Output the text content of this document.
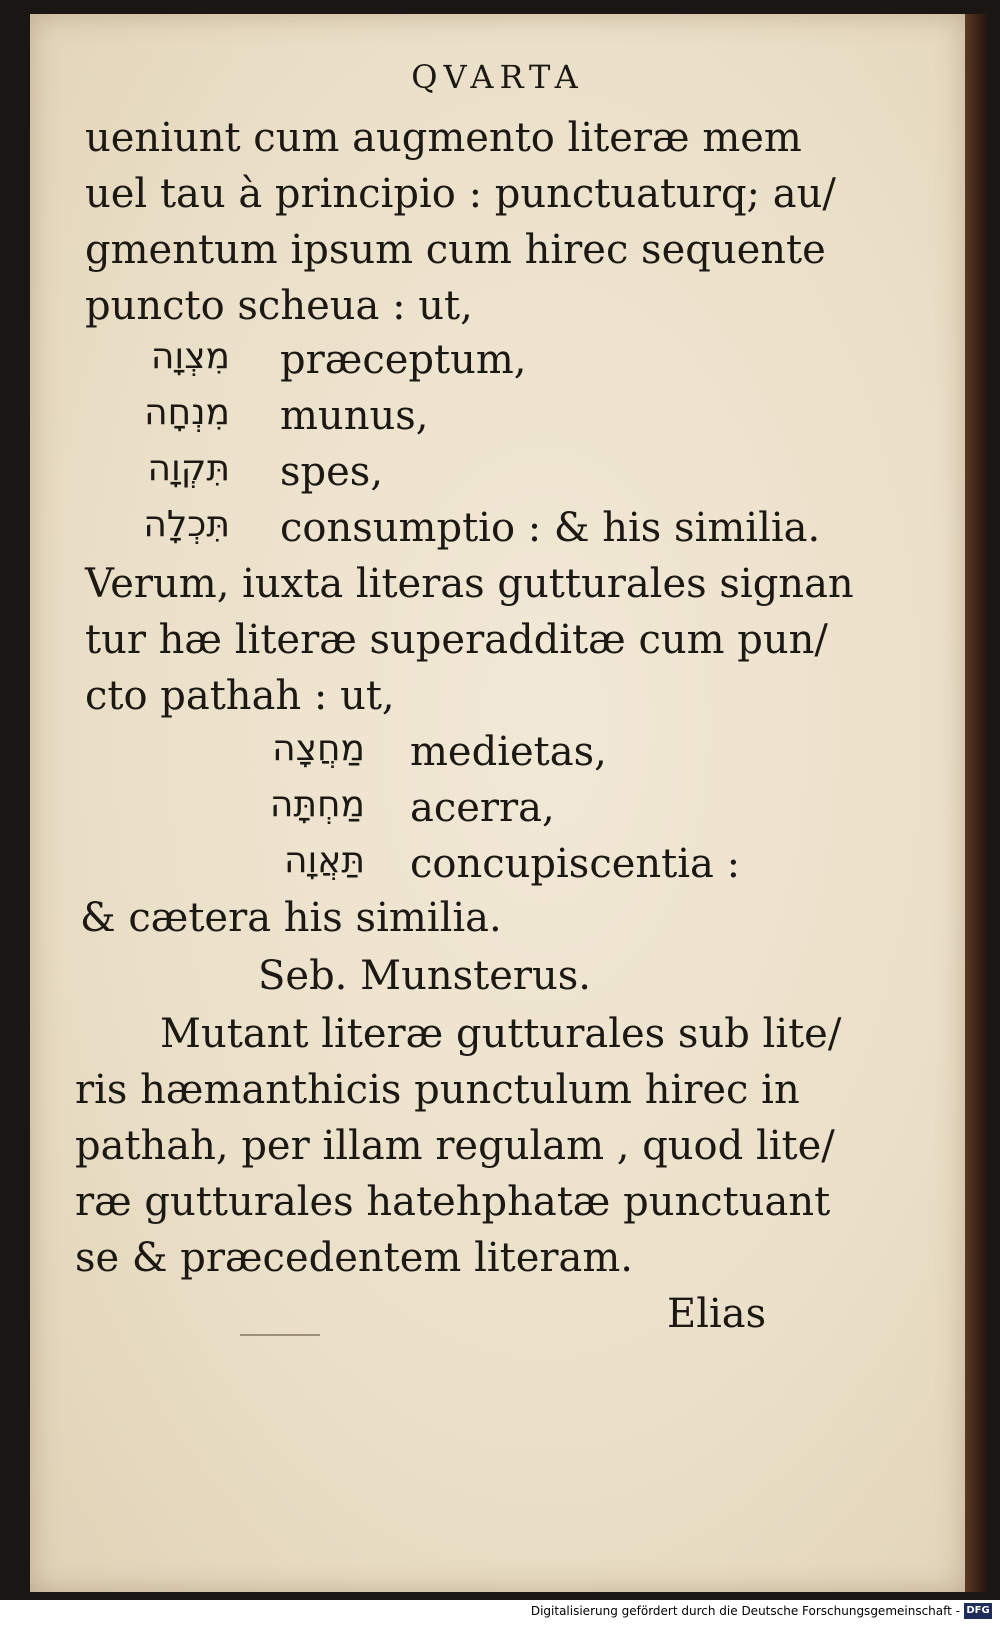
QVARTA
ueniunt cum augmento literæ mem
uel tau à principio : punctuaturq; au/
gmentum ipsum cum hirec sequente
puncto scheua : ut,
מִצְוָה præceptum,
מִנְחָה munus,
תִּקְוָה spes,
תִּכְלָה consumptio : & his similia.
Verum, iuxta literas gutturales signan
tur hæ literæ superadditæ cum pun/
cto pathah : ut,
מַחֲצָה medietas,
מַחְתָּה acerra,
תַּאֲוָה concupiscentia :
& cætera his similia.
Seb. Munsterus.
Mutant literæ gutturales sub lite/
ris hæmanthicis punctulum hirec in
pathah, per illam regulam , quod lite/
ræ gutturales hatehphatæ punctuant
se & præcedentem literam.
Elias
Digitalisierung gefördert durch die Deutsche Forschungsgemeinschaft - DFG
